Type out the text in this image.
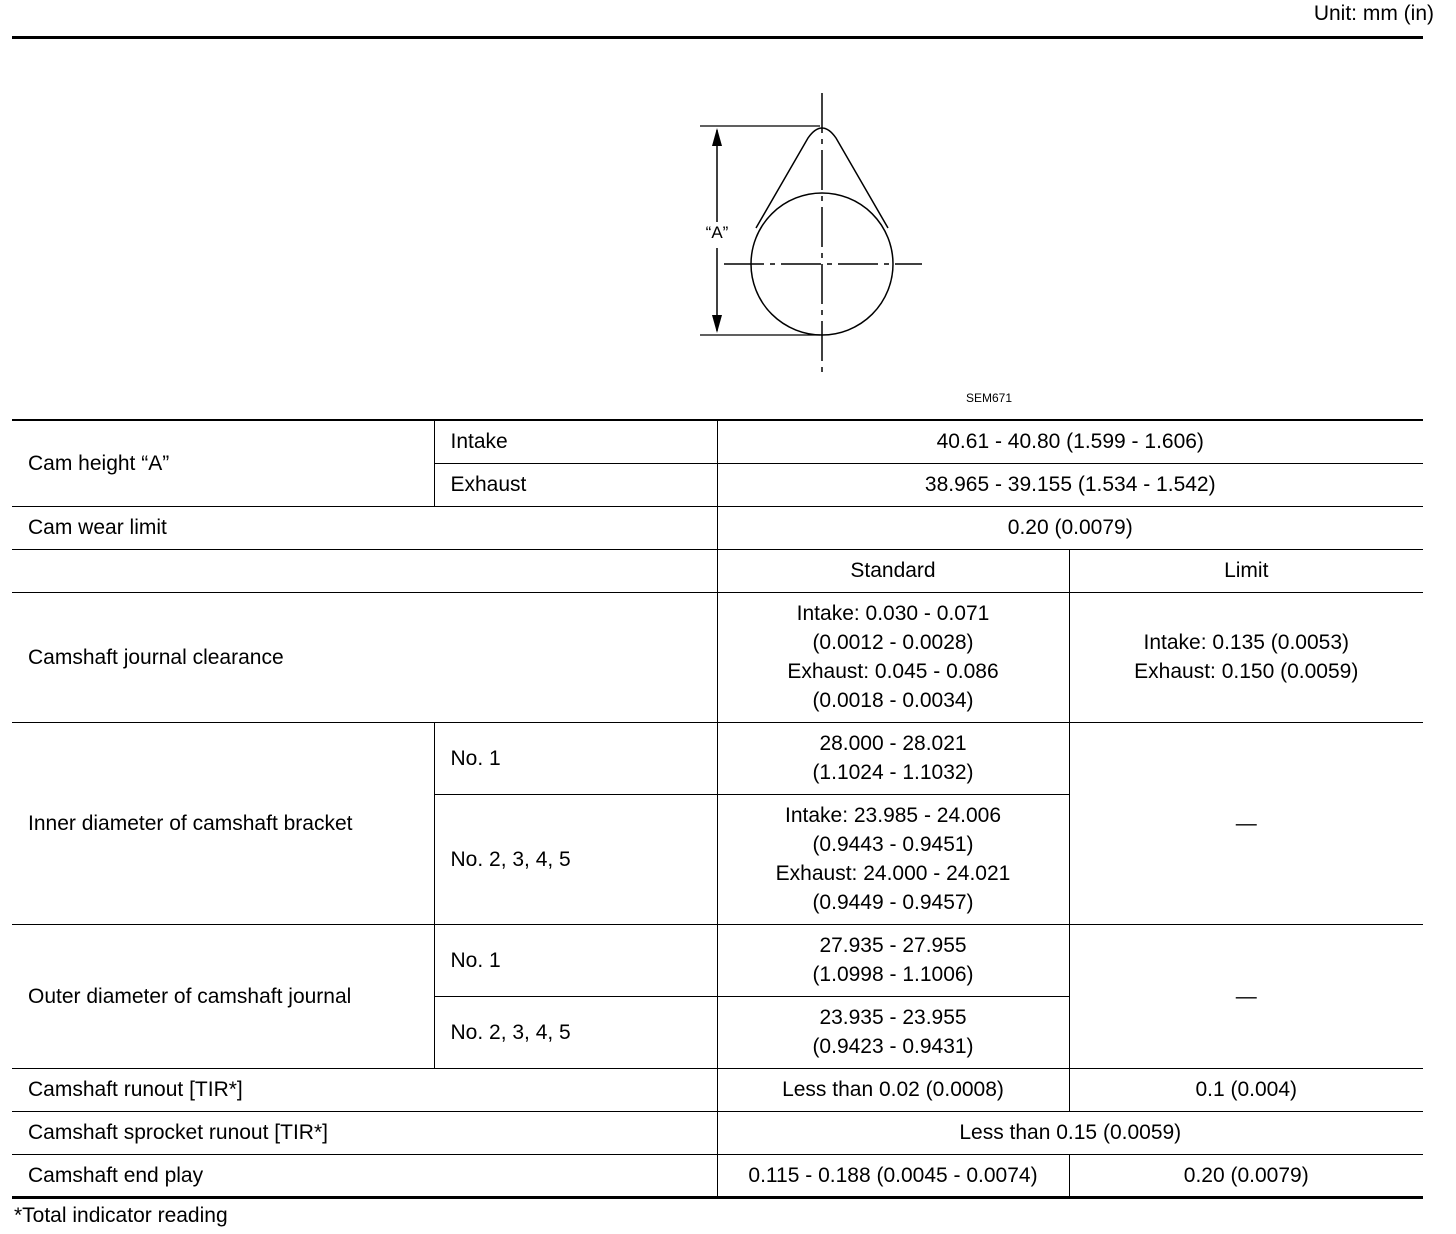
Unit: mm (in)
“A”
SEM671
Cam height “A”	Intake	40.61 - 40.80 (1.599 - 1.606)	
	Exhaust	38.965 - 39.155 (1.534 - 1.542)	
Cam wear limit		0.20 (0.0079)	
		Standard	Limit
Camshaft journal clearance		Intake: 0.030 - 0.071
(0.0012 - 0.0028)
Exhaust: 0.045 - 0.086
(0.0018 - 0.0034)	Intake: 0.135 (0.0053)
Exhaust: 0.150 (0.0059)

Inner diameter of camshaft bracket	No. 1	28.000 - 28.021
(1.1024 - 1.1032)	—
	No. 2, 3, 4, 5	Intake: 23.985 - 24.006
(0.9443 - 0.9451)
Exhaust: 24.000 - 24.021
(0.9449 - 0.9457)	

Outer diameter of camshaft journal	No. 1	27.935 - 27.955
(1.0998 - 1.1006)	—
	No. 2, 3, 4, 5	23.935 - 23.955
(0.9423 - 0.9431)	

Camshaft runout [TIR*]		Less than 0.02 (0.0008)	0.1 (0.004)
Camshaft sprocket runout [TIR*]		Less than 0.15 (0.0059)	
Camshaft end play		0.115 - 0.188 (0.0045 - 0.0074)	0.20 (0.0079)
*Total indicator reading
